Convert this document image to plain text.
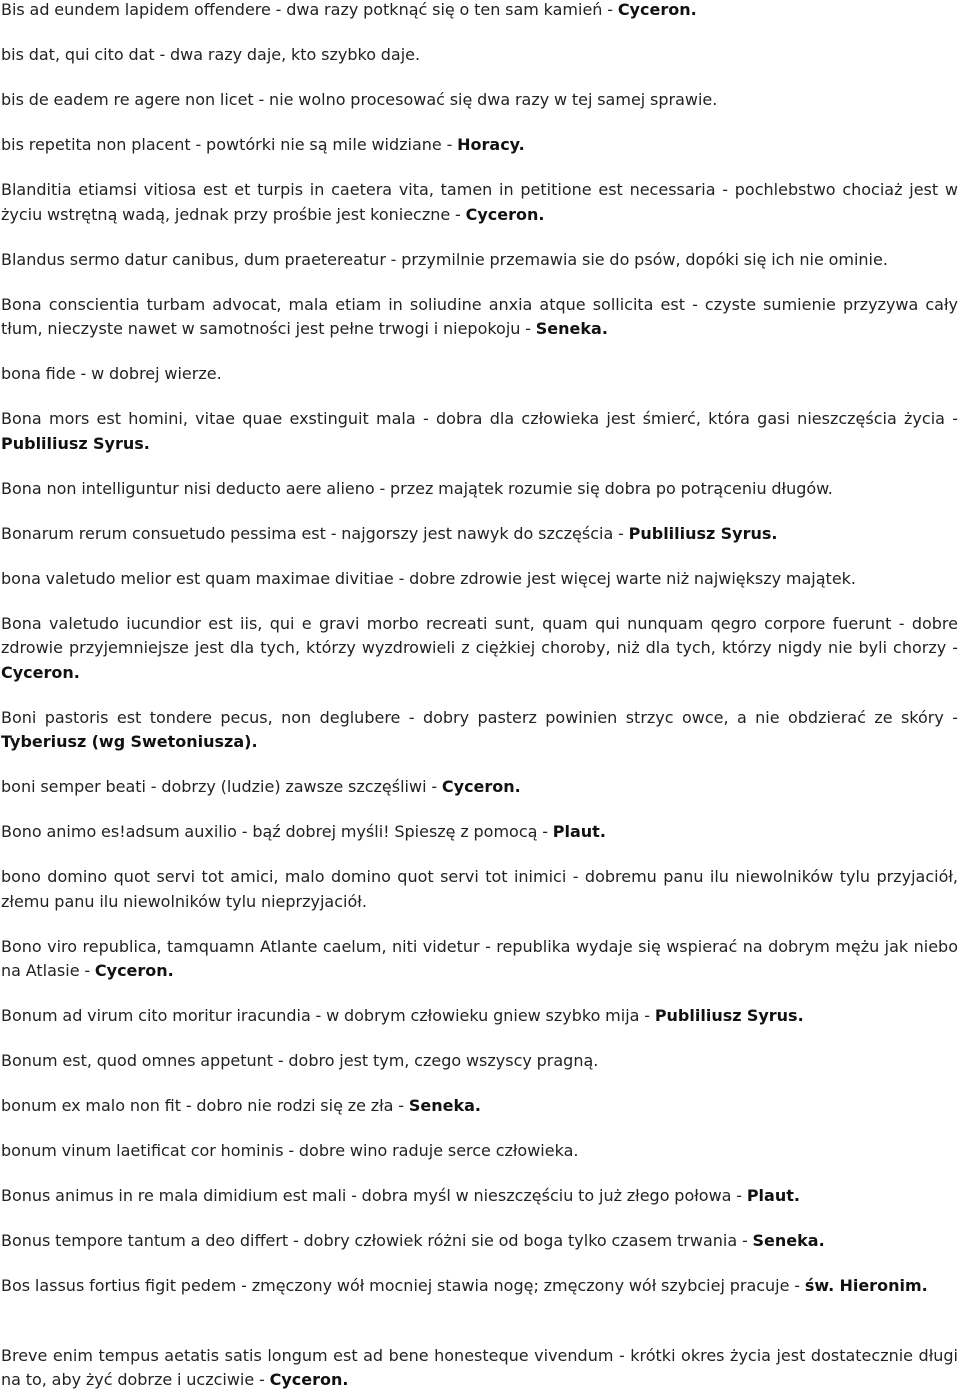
Bis ad eundem lapidem offendere - dwa razy potknąć się o ten sam kamień - Cyceron.

bis dat, qui cito dat - dwa razy daje, kto szybko daje.

bis de eadem re agere non licet - nie wolno procesować się dwa razy w tej samej sprawie.

bis repetita non placent - powtórki nie są mile widziane - Horacy.

Blanditia etiamsi vitiosa est et turpis in caetera vita, tamen in petitione est necessaria - pochlebstwo chociaż jest w życiu wstrętną wadą, jednak przy prośbie jest konieczne - Cyceron.

Blandus sermo datur canibus, dum praetereatur - przymilnie przemawia sie do psów, dopóki się ich nie ominie.

Bona conscientia turbam advocat, mala etiam in soliudine anxia atque sollicita est - czyste sumienie przyzywa cały tłum, nieczyste nawet w samotności jest pełne trwogi i niepokoju - Seneka.

bona fide - w dobrej wierze.

Bona mors est homini, vitae quae exstinguit mala - dobra dla człowieka jest śmierć, która gasi nieszczęścia życia - Publiliusz Syrus.

Bona non intelliguntur nisi deducto aere alieno - przez majątek rozumie się dobra po potrąceniu długów.

Bonarum rerum consuetudo pessima est - najgorszy jest nawyk do szczęścia - Publiliusz Syrus.

bona valetudo melior est quam maximae divitiae - dobre zdrowie jest więcej warte niż największy majątek.

Bona valetudo iucundior est iis, qui e gravi morbo recreati sunt, quam qui nunquam qegro corpore fuerunt - dobre zdrowie przyjemniejsze jest dla tych, którzy wyzdrowieli z ciężkiej choroby, niż dla tych, którzy nigdy nie byli chorzy - Cyceron.

Boni pastoris est tondere pecus, non deglubere - dobry pasterz powinien strzyc owce, a nie obdzierać ze skóry - Tyberiusz (wg Swetoniusza).

boni semper beati - dobrzy (ludzie) zawsze szczęśliwi - Cyceron.

Bono animo es!adsum auxilio - bąź dobrej myśli! Spieszę z pomocą - Plaut.

bono domino quot servi tot amici, malo domino quot servi tot inimici - dobremu panu ilu niewolników tylu przyjaciół, złemu panu ilu niewolników tylu nieprzyjaciół.

Bono viro republica, tamquamn Atlante caelum, niti videtur - republika wydaje się wspierać na dobrym mężu jak niebo na Atlasie - Cyceron.

Bonum ad virum cito moritur iracundia - w dobrym człowieku gniew szybko mija - Publiliusz Syrus.

Bonum est, quod omnes appetunt - dobro jest tym, czego wszyscy pragną.

bonum ex malo non fit - dobro nie rodzi się ze zła - Seneka.

bonum vinum laetificat cor hominis - dobre wino raduje serce człowieka.

Bonus animus in re mala dimidium est mali - dobra myśl w nieszczęściu to już złego połowa - Plaut.

Bonus tempore tantum a deo differt - dobry człowiek różni sie od boga tylko czasem trwania - Seneka.

Bos lassus fortius figit pedem - zmęczony wół mocniej stawia nogę; zmęczony wół szybciej pracuje - św. Hieronim.

Breve enim tempus aetatis satis longum est ad bene honesteque vivendum - krótki okres życia jest dostatecznie długi na to, aby żyć dobrze i uczciwie - Cyceron.
